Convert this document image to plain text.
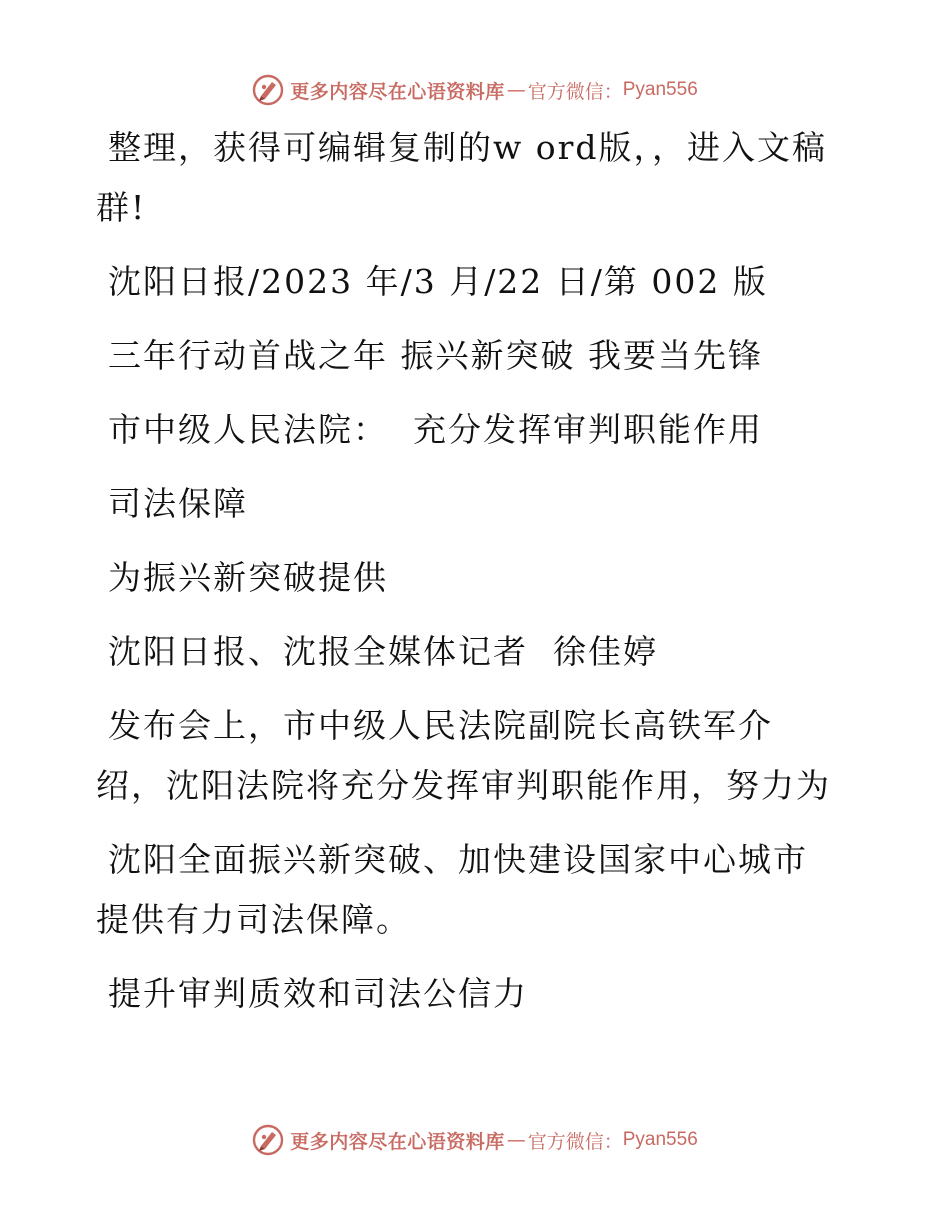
更多内容尽在心语资料库 — 官方微信： Pyan556

整理，获得可编辑复制的w ord版，，进入文稿群!

沈阳日报/2023 年/3 月/22 日/第 002 版

三年行动首战之年 振兴新突破 我要当先锋

市中级人民法院：  充分发挥审判职能作用

司法保障

为振兴新突破提供

沈阳日报、沈报全媒体记者  徐佳婷

发布会上，市中级人民法院副院长高铁军介绍，沈阳法院将充分发挥审判职能作用，努力为

沈阳全面振兴新突破、加快建设国家中心城市提供有力司法保障。

提升审判质效和司法公信力

更多内容尽在心语资料库 — 官方微信： Pyan556
